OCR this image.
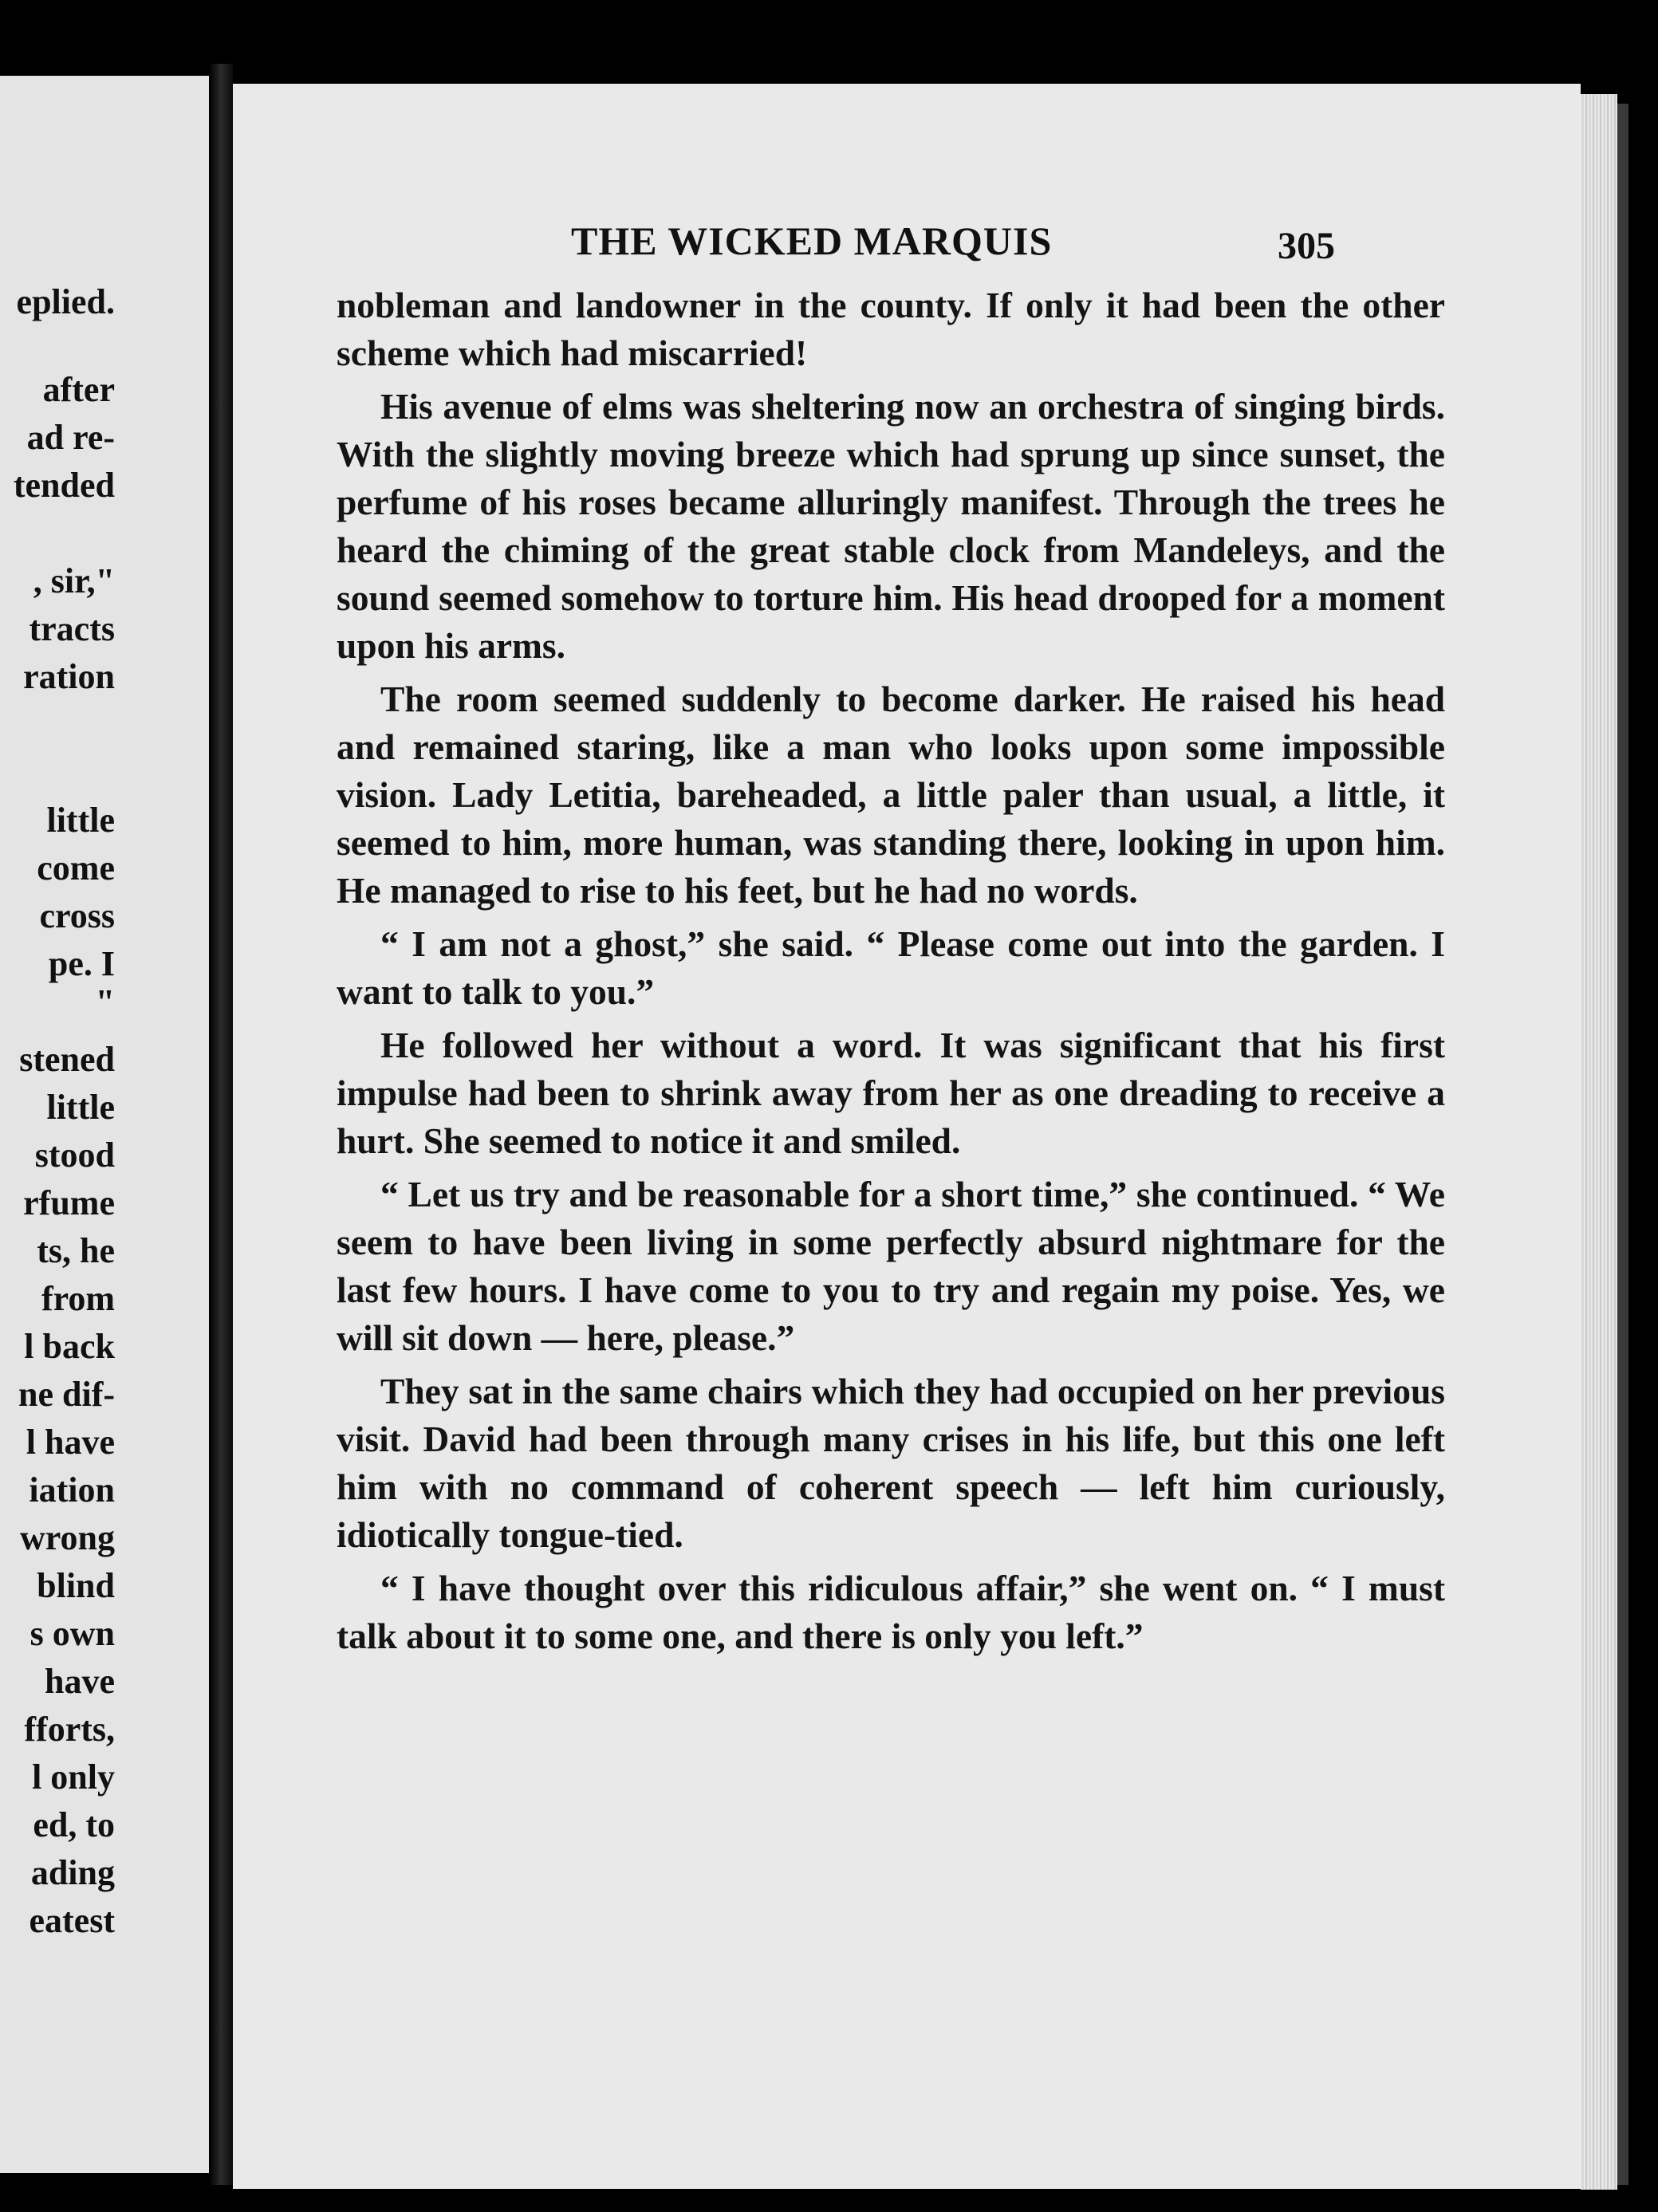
eplied.
after
ad re-
tended
, sir,"
tracts
ration
little
come
cross
pe. I
"
stened
little
stood
rfume
ts, he
from
l back
ne dif-
l have
iation
wrong
blind
s own
have
fforts,
l only
ed, to
ading
eatest
THE WICKED MARQUIS	305

nobleman and landowner in the county. If only it had been the other scheme which had miscarried!

His avenue of elms was sheltering now an orchestra of singing birds. With the slightly moving breeze which had sprung up since sunset, the perfume of his roses became alluringly manifest. Through the trees he heard the chiming of the great stable clock from Mandeleys, and the sound seemed somehow to torture him. His head drooped for a moment upon his arms.

The room seemed suddenly to become darker. He raised his head and remained staring, like a man who looks upon some impossible vision. Lady Letitia, bareheaded, a little paler than usual, a little, it seemed to him, more human, was standing there, looking in upon him. He managed to rise to his feet, but he had no words.

“ I am not a ghost,” she said. “ Please come out into the garden. I want to talk to you.”

He followed her without a word. It was significant that his first impulse had been to shrink away from her as one dreading to receive a hurt. She seemed to notice it and smiled.

“ Let us try and be reasonable for a short time,” she continued. “ We seem to have been living in some perfectly absurd nightmare for the last few hours. I have come to you to try and regain my poise. Yes, we will sit down — here, please.”

They sat in the same chairs which they had occupied on her previous visit. David had been through many crises in his life, but this one left him with no command of coherent speech — left him curiously, idiotically tongue-tied.

“ I have thought over this ridiculous affair,” she went on. “ I must talk about it to some one, and there is only you left.”
